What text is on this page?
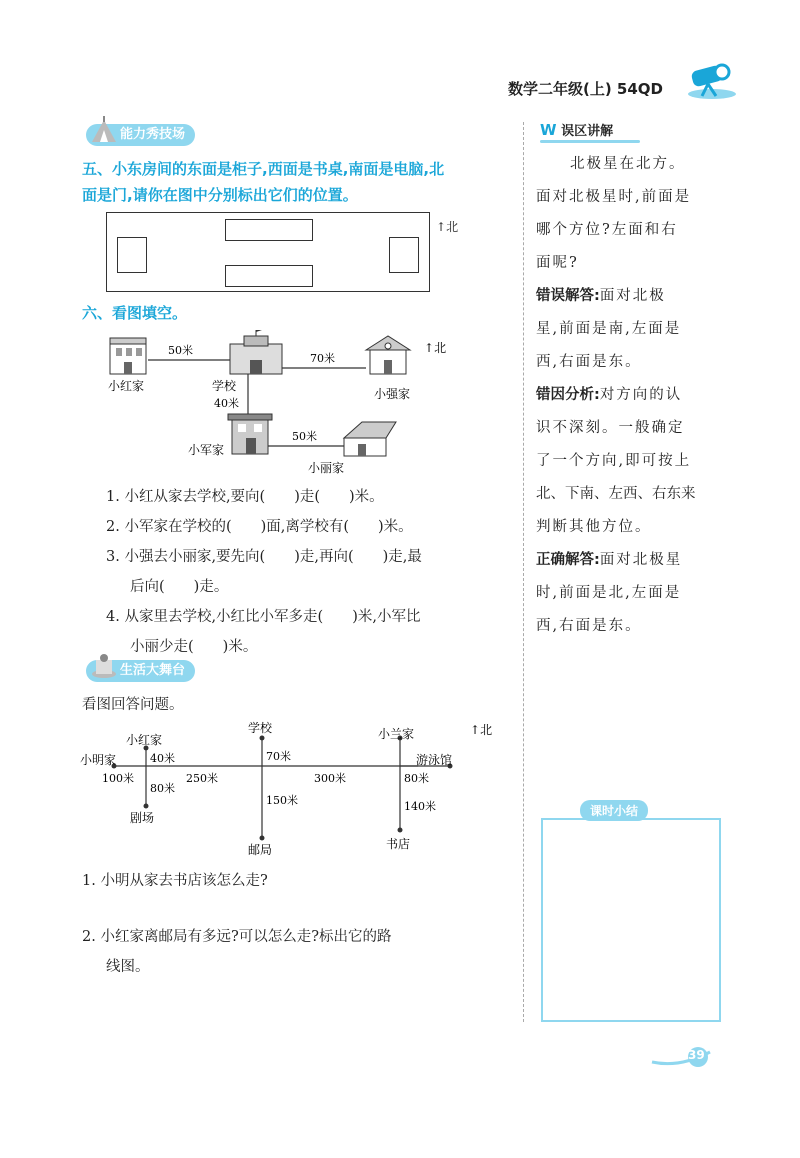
数学二年级(上) 54QD
能力秀技场
五、小东房间的东面是柜子,西面是书桌,南面是电脑,北
面是门,请你在图中分别标出它们的位置。
↑北
六、看图填空。
50米
70米
40米
50米
小红家	学校
小强家
小军家
小丽家
↑北
1. 小红从家去学校,要向(　　)走(　　)米。
2. 小军家在学校的(　　)面,离学校有(　　)米。
3. 小强去小丽家,要先向(　　)走,再向(　　)走,最
后向(　　)走。
4. 从家里去学校,小红比小军多走(　　)米,小军比
小丽少走(　　)米。
生活大舞台
看图回答问题。
小明家
小红家
学校	小兰家
游泳馆
剧场
邮局	书店
↑北
100米
40米
80米
250米
70米
300米	80米
150米	140米
1. 小明从家去书店该怎么走?
2. 小红家离邮局有多远?可以怎么走?标出它的路
线图。
W 误区讲解
北极星在北方。
面对北极星时,前面是
哪个方位?左面和右
面呢?
错误解答:面对北极
星,前面是南,左面是
西,右面是东。
错因分析:对方向的认
识不深刻。一般确定
了一个方向,即可按上
北、下南、左西、右东来
判断其他方位。
正确解答:面对北极星
时,前面是北,左面是
西,右面是东。
课时小结
39
